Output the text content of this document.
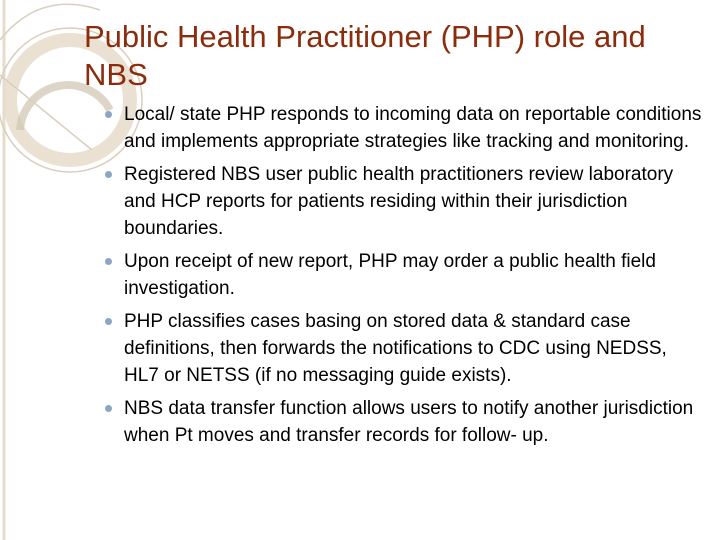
Public Health Practitioner (PHP) role and NBS
Local/ state PHP responds to incoming data on reportable conditions and implements appropriate strategies like tracking and monitoring.
Registered NBS user public health practitioners review laboratory and HCP reports for patients residing within their jurisdiction boundaries.
Upon receipt of new report, PHP may order a public health field investigation.
PHP classifies cases basing on stored data & standard case definitions, then forwards the notifications to CDC using NEDSS, HL7 or NETSS (if no messaging guide exists).
NBS data transfer function allows users to notify another jurisdiction when Pt moves and transfer records for follow- up.
